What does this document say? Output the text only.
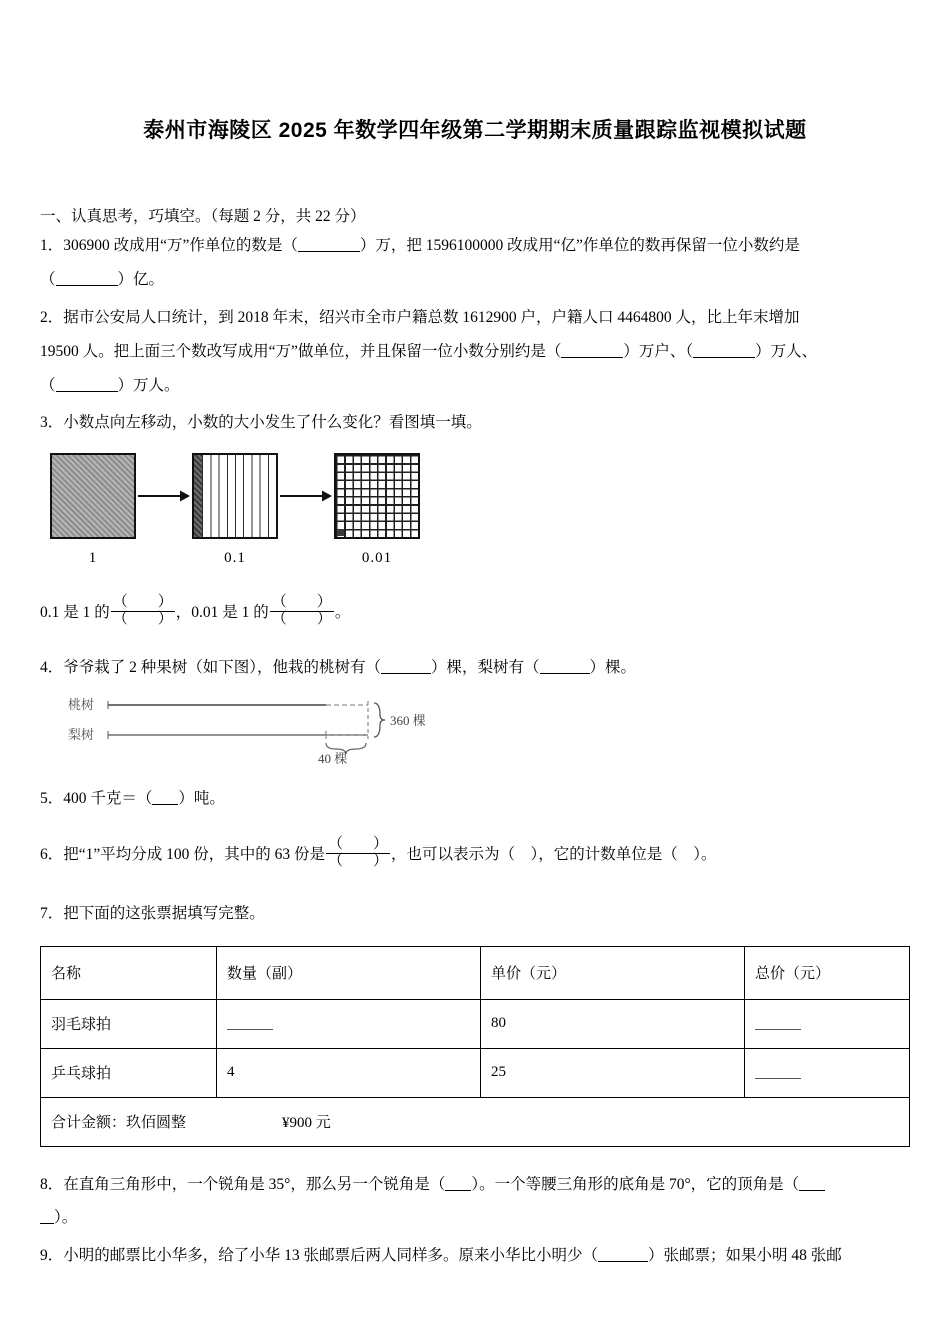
泰州市海陵区 2025 年数学四年级第二学期期末质量跟踪监视模拟试题
一、认真思考，巧填空。（每题 2 分，共 22 分）
1．306900 改成用“万”作单位的数是（	）万，把 1596100000 改成用“亿”作单位的数再保留一位小数约是
（	）亿。
2．据市公安局人口统计，到 2018 年末，绍兴市全市户籍总数 1612900 户，户籍人口 4464800 人，比上年末增加
19500 人。把上面三个数改写成用“万”做单位，并且保留一位小数分别约是（	）万户、（	）万人、
（	）万人。
3．小数点向左移动，小数的大小发生了什么变化？看图填一填。
1	0.1	0.01
0.1 是 1 的 $\frac{( )}{( )}$ ，0.01 是 1 的 $\frac{( )}{( )}$ 。
4．爷爷栽了 2 种果树（如下图），他栽的桃树有（	）棵，梨树有（	）棵。
桃树
梨树
360 棵
40 棵
5．400 千克＝（ ）吨。
6．把“1”平均分成 100 份，其中的 63 份是 $\frac{( )}{( )}$ ，也可以表示为（　），它的计数单位是（　）。
7．把下面的这张票据填写完整。
名称	数量（副）	单价（元）	总价（元）
羽毛球拍		80	
乒乓球拍	4	25	
合计金额：玖佰圆整 ¥900 元			
8．在直角三角形中，一个锐角是 35°，那么另一个锐角是（ ）。一个等腰三角形的底角是 70°，它的顶角是（
）。
9．小明的邮票比小华多，给了小华 13 张邮票后两人同样多。原来小华比小明少（	）张邮票；如果小明 48 张邮
